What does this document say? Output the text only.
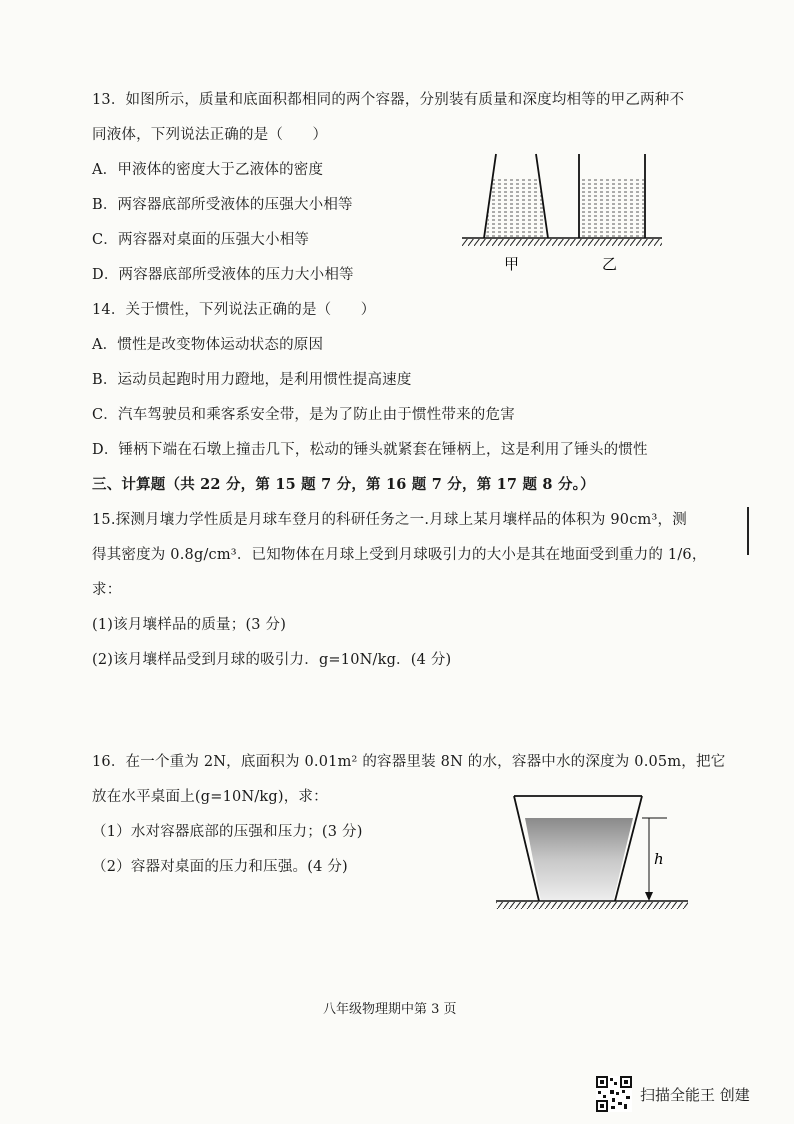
13．如图所示，质量和底面积都相同的两个容器，分别装有质量和深度均相等的甲乙两种不
同液体，下列说法正确的是（　　）
A．甲液体的密度大于乙液体的密度
B．两容器底部所受液体的压强大小相等
C．两容器对桌面的压强大小相等
D．两容器底部所受液体的压力大小相等
甲	乙
14．关于惯性，下列说法正确的是（　　）
A．惯性是改变物体运动状态的原因
B．运动员起跑时用力蹬地，是利用惯性提高速度
C．汽车驾驶员和乘客系安全带，是为了防止由于惯性带来的危害
D．锤柄下端在石墩上撞击几下，松动的锤头就紧套在锤柄上，这是利用了锤头的惯性
三、计算题（共 22 分，第 15 题 7 分，第 16 题 7 分，第 17 题 8 分。）
15.探测月壤力学性质是月球车登月的科研任务之一.月球上某月壤样品的体积为 90cm³，测
得其密度为 0.8g/cm³．已知物体在月球上受到月球吸引力的大小是其在地面受到重力的 1/6，
求：
(1)该月壤样品的质量；(3 分)
(2)该月壤样品受到月球的吸引力．g=10N/kg．(4 分)
16．在一个重为 2N，底面积为 0.01m² 的容器里装 8N 的水，容器中水的深度为 0.05m，把它
放在水平桌面上(g=10N/kg)，求：
（1）水对容器底部的压强和压力；(3 分)
（2）容器对桌面的压力和压强。(4 分)	h
八年级物理期中第 3 页
扫描全能王 创建
